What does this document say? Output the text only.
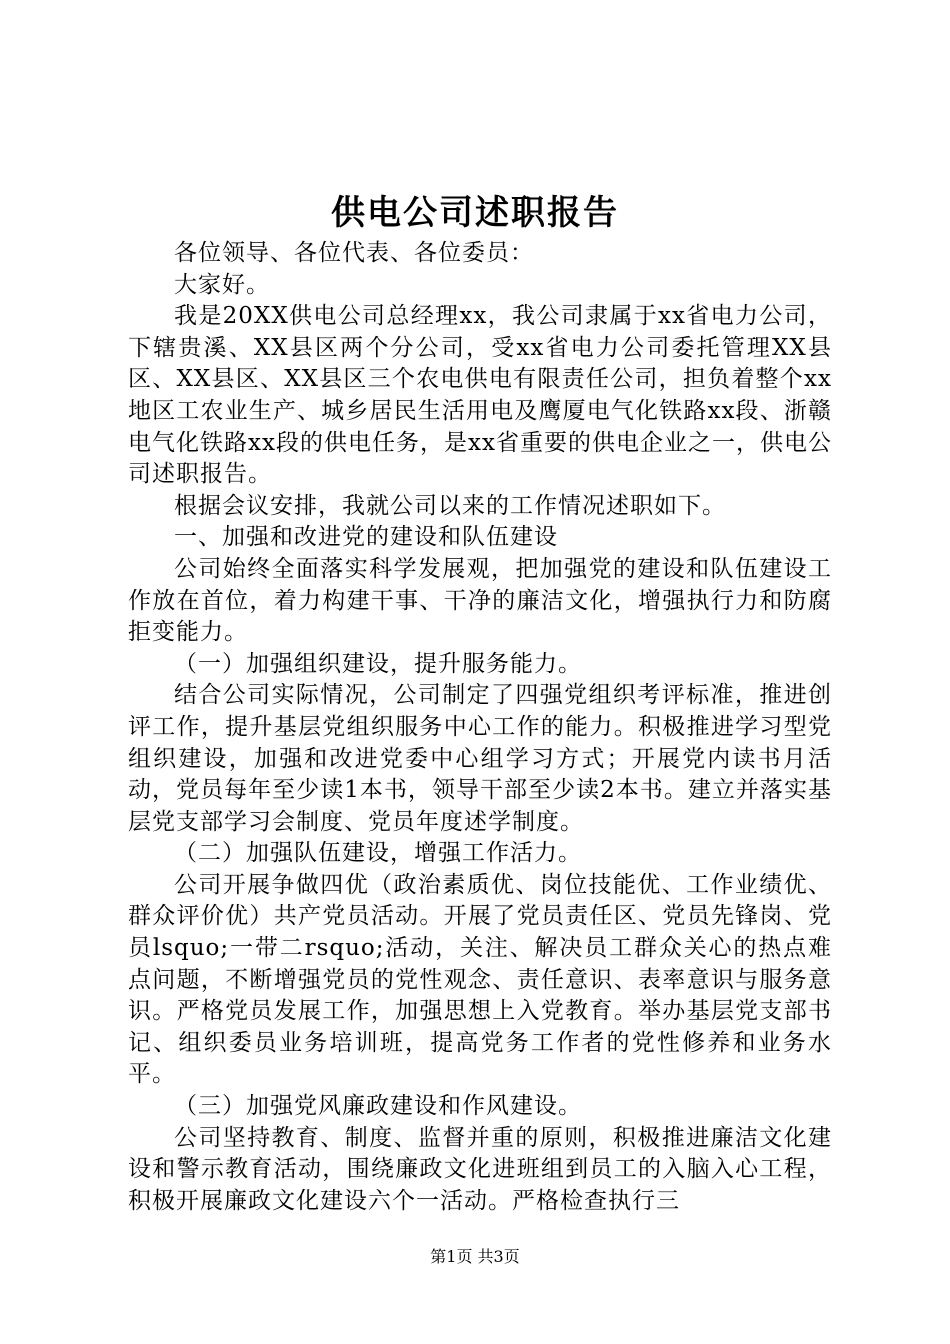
供电公司述职报告

各位领导、各位代表、各位委员：

大家好。

我是20XX供电公司总经理xx，我公司隶属于xx省电力公司，下辖贵溪、XX县区两个分公司，受xx省电力公司委托管理XX县区、XX县区、XX县区三个农电供电有限责任公司，担负着整个xx地区工农业生产、城乡居民生活用电及鹰厦电气化铁路xx段、浙赣电气化铁路xx段的供电任务，是xx省重要的供电企业之一，供电公司述职报告。

根据会议安排，我就公司以来的工作情况述职如下。

一、加强和改进党的建设和队伍建设

公司始终全面落实科学发展观，把加强党的建设和队伍建设工作放在首位，着力构建干事、干净的廉洁文化，增强执行力和防腐拒变能力。

（一）加强组织建设，提升服务能力。

结合公司实际情况，公司制定了四强党组织考评标准，推进创评工作，提升基层党组织服务中心工作的能力。积极推进学习型党组织建设，加强和改进党委中心组学习方式；开展党内读书月活动，党员每年至少读1本书，领导干部至少读2本书。建立并落实基层党支部学习会制度、党员年度述学制度。

（二）加强队伍建设，增强工作活力。

公司开展争做四优（政治素质优、岗位技能优、工作业绩优、群众评价优）共产党员活动。开展了党员责任区、党员先锋岗、党员lsquo;一带二rsquo;活动，关注、解决员工群众关心的热点难点问题，不断增强党员的党性观念、责任意识、表率意识与服务意识。严格党员发展工作，加强思想上入党教育。举办基层党支部书记、组织委员业务培训班，提高党务工作者的党性修养和业务水平。

（三）加强党风廉政建设和作风建设。

公司坚持教育、制度、监督并重的原则，积极推进廉洁文化建设和警示教育活动，围绕廉政文化进班组到员工的入脑入心工程，积极开展廉政文化建设六个一活动。严格检查执行三

第1页 共3页
